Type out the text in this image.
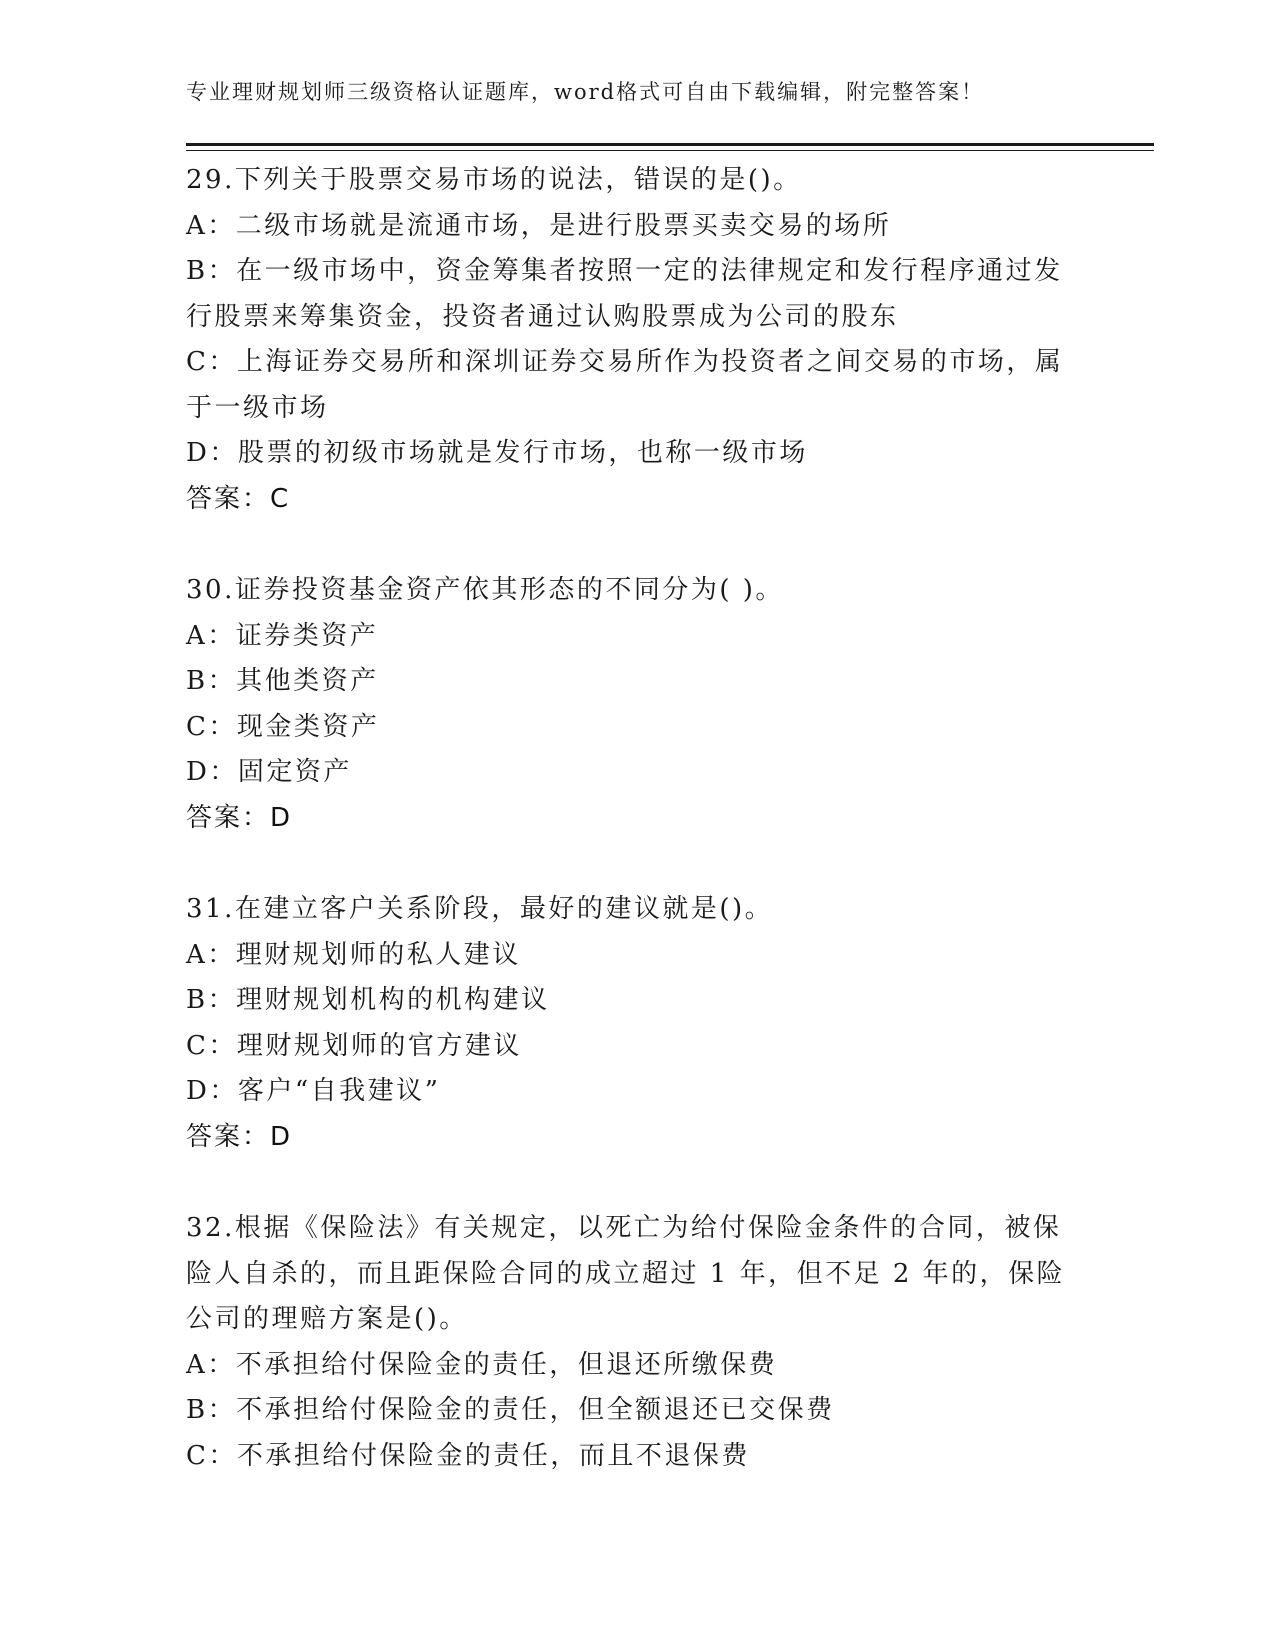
专业理财规划师三级资格认证题库，word格式可自由下载编辑，附完整答案！

29.下列关于股票交易市场的说法，错误的是()。

A：二级市场就是流通市场，是进行股票买卖交易的场所

B：在一级市场中，资金筹集者按照一定的法律规定和发行程序通过发行股票来筹集资金，投资者通过认购股票成为公司的股东

C：上海证券交易所和深圳证券交易所作为投资者之间交易的市场，属于一级市场

D：股票的初级市场就是发行市场，也称一级市场

答案：C

30.证券投资基金资产依其形态的不同分为( )。

A：证券类资产

B：其他类资产

C：现金类资产

D：固定资产

答案：D

31.在建立客户关系阶段，最好的建议就是()。

A：理财规划师的私人建议

B：理财规划机构的机构建议

C：理财规划师的官方建议

D：客户“自我建议”

答案：D

32.根据《保险法》有关规定，以死亡为给付保险金条件的合同，被保险人自杀的，而且距保险合同的成立超过 1 年，但不足 2 年的，保险公司的理赔方案是()。

A：不承担给付保险金的责任，但退还所缴保费

B：不承担给付保险金的责任，但全额退还已交保费

C：不承担给付保险金的责任，而且不退保费
